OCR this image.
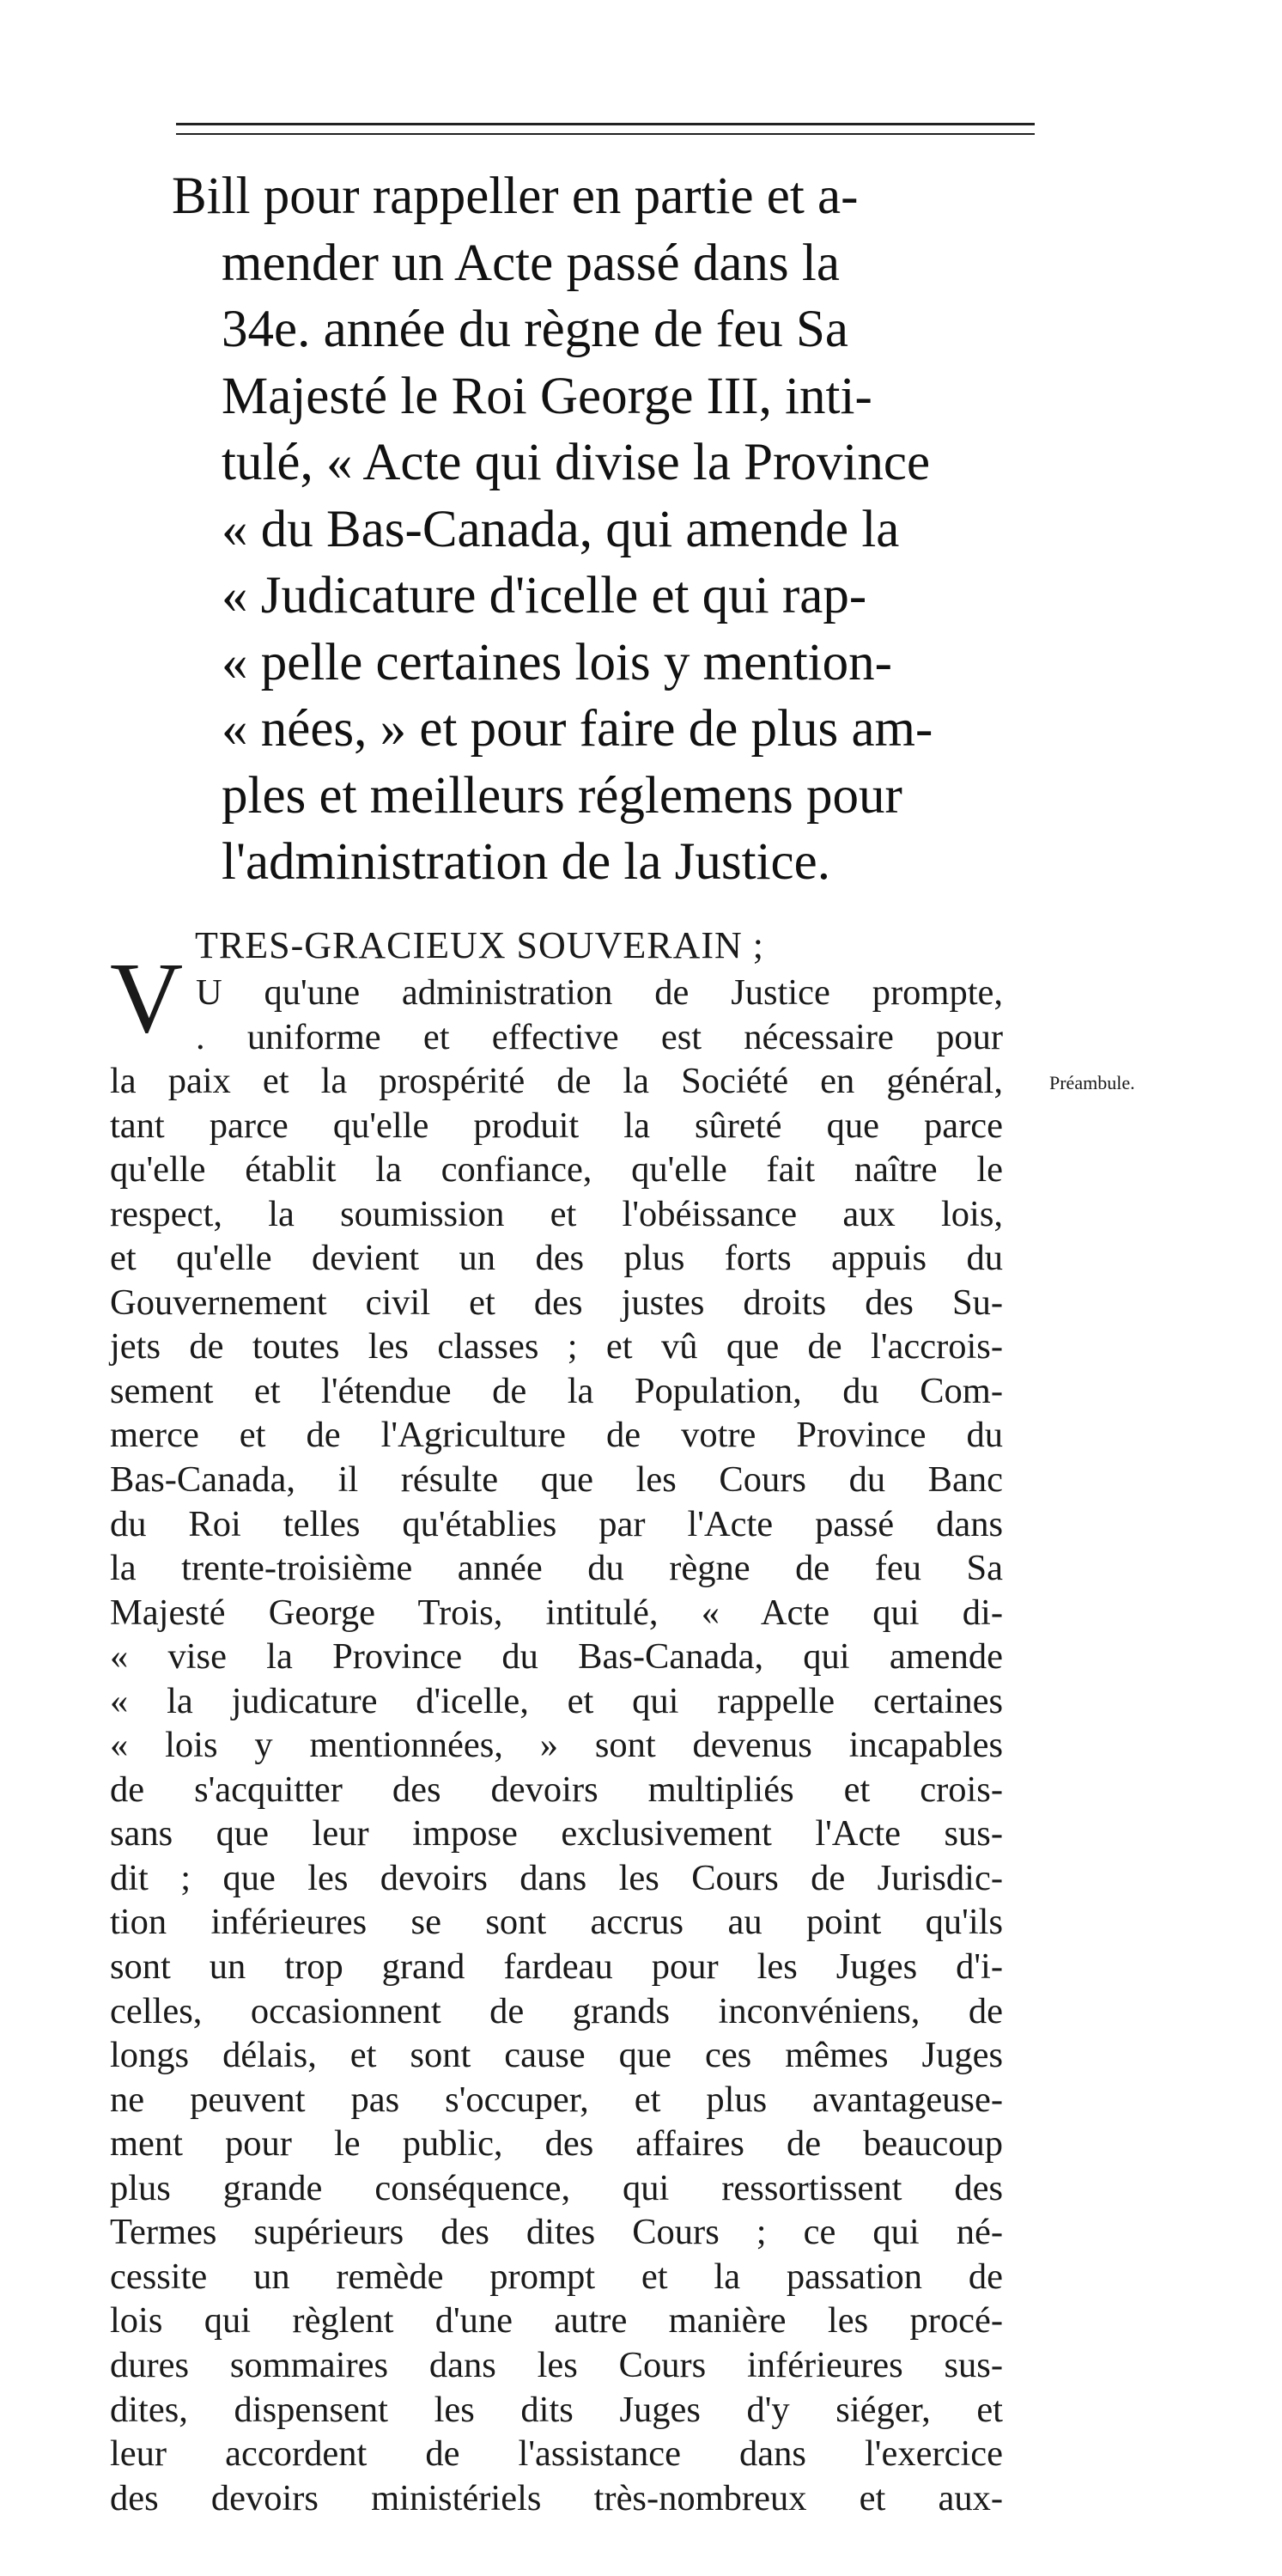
Bill pour rappeller en partie et a-
mender un Acte passé dans la
34e. année du règne de feu Sa
Majesté le Roi George III, inti-
tulé, « Acte qui divise la Province
« du Bas-Canada, qui amende la
« Judicature d'icelle et qui rap-
« pelle certaines lois y mention-
« nées, » et pour faire de plus am-
ples et meilleurs réglemens pour
l'administration de la Justice.
TRES-GRACIEUX SOUVERAIN ;
V
Préambule.
U qu'une administration de Justice prompte,
. uniforme et effective est nécessaire pour
la paix et la prospérité de la Société en général,
tant parce qu'elle produit la sûreté que parce
qu'elle établit la confiance, qu'elle fait naître le
respect, la soumission et l'obéissance aux lois,
et qu'elle devient un des plus forts appuis du
Gouvernement civil et des justes droits des Su-
jets de toutes les classes ; et vû que de l'accrois-
sement et l'étendue de la Population, du Com-
merce et de l'Agriculture de votre Province du
Bas-Canada, il résulte que les Cours du Banc
du Roi telles qu'établies par l'Acte passé dans
la trente-troisième année du règne de feu Sa
Majesté George Trois, intitulé, « Acte qui di-
« vise la Province du Bas-Canada, qui amende
« la judicature d'icelle, et qui rappelle certaines
« lois y mentionnées, » sont devenus incapables
de s'acquitter des devoirs multipliés et crois-
sans que leur impose exclusivement l'Acte sus-
dit ; que les devoirs dans les Cours de Jurisdic-
tion inférieures se sont accrus au point qu'ils
sont un trop grand fardeau pour les Juges d'i-
celles, occasionnent de grands inconvéniens, de
longs délais, et sont cause que ces mêmes Juges
ne peuvent pas s'occuper, et plus avantageuse-
ment pour le public, des affaires de beaucoup
plus grande conséquence, qui ressortissent des
Termes supérieurs des dites Cours ; ce qui né-
cessite un remède prompt et la passation de
lois qui règlent d'une autre manière les procé-
dures sommaires dans les Cours inférieures sus-
dites, dispensent les dits Juges d'y siéger, et
leur accordent de l'assistance dans l'exercice
des devoirs ministériels très-nombreux et aux-
